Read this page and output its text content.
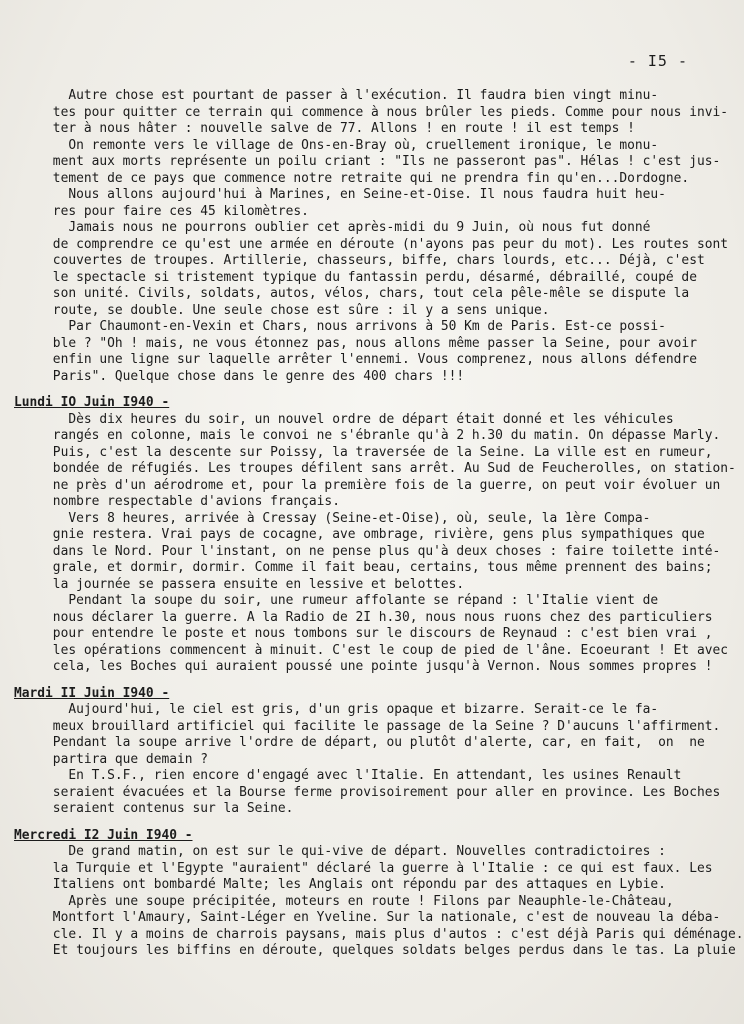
- I5 -
Autre chose est pourtant de passer à l'exécution. Il faudra bien vingt minu-
tes pour quitter ce terrain qui commence à nous brûler les pieds. Comme pour nous invi-
ter à nous hâter : nouvelle salve de 77. Allons ! en route ! il est temps !
On remonte vers le village de Ons-en-Bray où, cruellement ironique, le monu-
ment aux morts représente un poilu criant : "Ils ne passeront pas". Hélas ! c'est jus-
tement de ce pays que commence notre retraite qui ne prendra fin qu'en...Dordogne.
Nous allons aujourd'hui à Marines, en Seine-et-Oise. Il nous faudra huit heu-
res pour faire ces 45 kilomètres.
Jamais nous ne pourrons oublier cet après-midi du 9 Juin, où nous fut donné
de comprendre ce qu'est une armée en déroute (n'ayons pas peur du mot). Les routes sont
couvertes de troupes. Artillerie, chasseurs, biffe, chars lourds, etc... Déjà, c'est
le spectacle si tristement typique du fantassin perdu, désarmé, débraillé, coupé de
son unité. Civils, soldats, autos, vélos, chars, tout cela pêle-mêle se dispute la
route, se double. Une seule chose est sûre : il y a sens unique.
Par Chaumont-en-Vexin et Chars, nous arrivons à 50 Km de Paris. Est-ce possi-
ble ? "Oh ! mais, ne vous étonnez pas, nous allons même passer la Seine, pour avoir
enfin une ligne sur laquelle arrêter l'ennemi. Vous comprenez, nous allons défendre
Paris". Quelque chose dans le genre des 400 chars !!!
Lundi IO Juin I940 -
Dès dix heures du soir, un nouvel ordre de départ était donné et les véhicules
rangés en colonne, mais le convoi ne s'ébranle qu'à 2 h.30 du matin. On dépasse Marly.
Puis, c'est la descente sur Poissy, la traversée de la Seine. La ville est en rumeur,
bondée de réfugiés. Les troupes défilent sans arrêt. Au Sud de Feucherolles, on station-
ne près d'un aérodrome et, pour la première fois de la guerre, on peut voir évoluer un
nombre respectable d'avions français.
Vers 8 heures, arrivée à Cressay (Seine-et-Oise), où, seule, la 1ère Compa-
gnie restera. Vrai pays de cocagne, ave ombrage, rivière, gens plus sympathiques que
dans le Nord. Pour l'instant, on ne pense plus qu'à deux choses : faire toilette inté-
grale, et dormir, dormir. Comme il fait beau, certains, tous même prennent des bains;
la journée se passera ensuite en lessive et belottes.
Pendant la soupe du soir, une rumeur affolante se répand : l'Italie vient de
nous déclarer la guerre. A la Radio de 2I h.30, nous nous ruons chez des particuliers
pour entendre le poste et nous tombons sur le discours de Reynaud : c'est bien vrai ,
les opérations commencent à minuit. C'est le coup de pied de l'âne. Ecoeurant ! Et avec
cela, les Boches qui auraient poussé une pointe jusqu'à Vernon. Nous sommes propres !
Mardi II Juin I940 -
Aujourd'hui, le ciel est gris, d'un gris opaque et bizarre. Serait-ce le fa-
meux brouillard artificiel qui facilite le passage de la Seine ? D'aucuns l'affirment.
Pendant la soupe arrive l'ordre de départ, ou plutôt d'alerte, car, en fait,  on  ne
partira que demain ?
En T.S.F., rien encore d'engagé avec l'Italie. En attendant, les usines Renault
seraient évacuées et la Bourse ferme provisoirement pour aller en province. Les Boches
seraient contenus sur la Seine.
Mercredi I2 Juin I940 -
De grand matin, on est sur le qui-vive de départ. Nouvelles contradictoires :
la Turquie et l'Egypte "auraient" déclaré la guerre à l'Italie : ce qui est faux. Les
Italiens ont bombardé Malte; les Anglais ont répondu par des attaques en Lybie.
Après une soupe précipitée, moteurs en route ! Filons par Neauphle-le-Château,
Montfort l'Amaury, Saint-Léger en Yveline. Sur la nationale, c'est de nouveau la déba-
cle. Il y a moins de charrois paysans, mais plus d'autos : c'est déjà Paris qui déménage.
Et toujours les biffins en déroute, quelques soldats belges perdus dans le tas. La pluie
